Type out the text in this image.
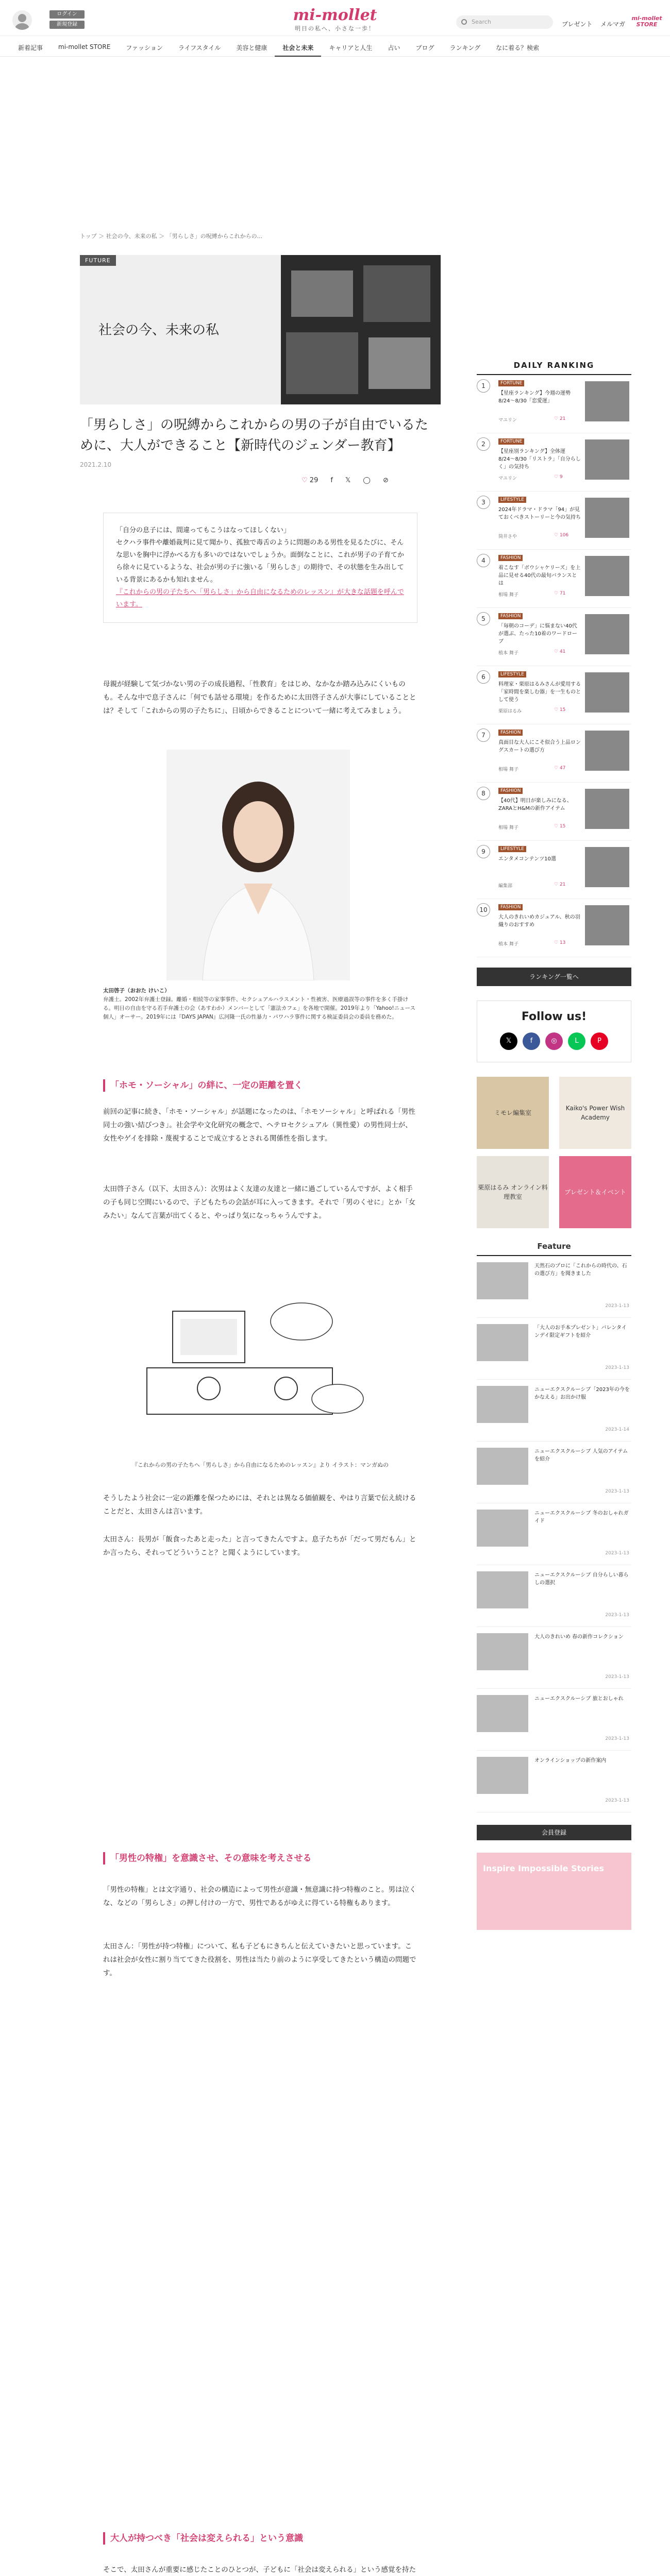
ログイン
新規登録
mi-mollet
明日の私へ、小さな一歩！
Search	プレゼント メルマガ
mi-mollet STORE
新着記事	mi-mollet STORE	ファッション	ライフスタイル	美容と健康	社会と未来	キャリアと人生	占い	ブログ	ランキング	なに着る？検索
トップ ＞ 社会の今、未来の私 ＞ 「男らしさ」の呪縛からこれからの...
FUTURE
社会の今、未来の私
「男らしさ」の呪縛からこれからの男の子が自由でいるために、大人ができること【新時代のジェンダー教育】
2021.2.10
♡ 29 f 𝕏 ◯ ⊘

「自分の息子には、間違ってもこうはなってほしくない」

セクハラ事件や離婚裁判に見て聞かり、孤独で毒舌のように問題のある男性を見るたびに、そんな思いを胸中に浮かべる方も多いのではないでしょうか。面倒なことに、これが男子の子育てから徐々に見ているような、社会が男の子に強いる「男らしさ」の期待で、その状態を生み出している背景にあるかも知れません。

『これからの男の子たちへ「男らしさ」から自由になるためのレッスン』が大きな話題を呼んでいます。

母親が経験して気づかない男の子の成長過程、「性教育」をはじめ、なかなか踏み込みにくいものも。そんな中で息子さんに「何でも話せる環境」を作るために太田啓子さんが大事にしていることとは？そして「これからの男の子たちに」、日頃からできることについて一緒に考えてみましょう。

太田啓子（おおた けいこ）
弁護士。2002年弁護士登録。離婚・相続等の家事事件、セクシュアルハラスメント・性被害、医療過誤等の事件を多く手掛ける。明日の自由を守る若手弁護士の会（あすわか）メンバーとして「憲法カフェ」を各地で開催。2019年より「Yahoo!ニュース 個人」オーサー。2019年には『DAYS JAPAN』広河隆一氏の性暴力・パワハラ事件に関する検証委員会の委員を務めた。
「ホモ・ソーシャル」の絆に、一定の距離を置く

前回の記事に続き、「ホモ・ソーシャル」が話題になったのは、「ホモソーシャル」と呼ばれる「男性同士の強い結びつき」。社会学や文化研究の概念で、ヘテロセクシュアル（異性愛）の男性同士が、女性やゲイを排除・蔑視することで成立するとされる関係性を指します。

太田啓子さん（以下、太田さん）：次男はよく友達の友達と一緒に過ごしているんですが、よく相手の子も同じ空間にいるので、子どもたちの会話が耳に入ってきます。それで「男のくせに」とか「女みたい」なんて言葉が出てくると、やっぱり気になっちゃうんですよ。

『これからの男の子たちへ「男らしさ」から自由になるためのレッスン』より イラスト：マンガぬの

そうしたよう社会に一定の距離を保つためには、それとは異なる価値観を、やはり言葉で伝え続けることだと、太田さんは言います。

太田さん：長男が「飯食ったあと走った」と言ってきたんですよ。息子たちが「だって男だもん」とか言ったら、それってどういうこと？と聞くようにしています。

「男性の特権」を意識させ、その意味を考えさせる

「男性の特権」とは文字通り、社会の構造によって男性が意識・無意識に持つ特権のこと。男は泣くな、などの「男らしさ」の押し付けの一方で、男性であるがゆえに得ている特権もあります。

太田さん：「男性が持つ特権」について、私も子どもにきちんと伝えていきたいと思っています。これは社会が女性に割り当ててきた役割を、男性は当たり前のように享受してきたという構造の問題です。

大人が持つべき「社会は変えられる」という意識

そこで、太田さんが重要に感じたことのひとつが、子どもに「社会は変えられる」という感覚を持た

DAILY RANKING
1	FORTUNE
【星座ランキング】今週の運勢 8/24〜8/30「恋愛運」
マユリン	♡ 21
2	FORTUNE
【星座別ランキング】全体運 8/24〜8/30「リストラ」「自分らしく」の気持ち
マユリン	♡ 9
3	LIFESTYLE
2024年ドラマ・ドラマ「94」が見ておくべきストーリーと今の気持ち
筒井さや	♡ 106
4	FASHION
着こなす「ボウシャケリーズ」を上品に見せる40代の最旬バランスとは
相場 舞子	♡ 71
5	FASHION
「毎朝のコーデ」に悩まない40代が選ぶ、たった10着のワードローブ
植本 舞子	♡ 41
6	LIFESTYLE
料理家・栗原はるみさんが愛用する「家時間を楽しむ器」を一生ものとして使う
栗原はるみ	♡ 15
7	FASHION
真面目な大人にこそ似合う上品ロングスカートの選び方
相場 舞子	♡ 47
8	FASHION
【40代】明日が楽しみになる、ZARAとH&Mの新作アイテム
相場 舞子	♡ 15
9	LIFESTYLE
エンタメコンテンツ10選
編集部	♡ 21
10	FASHION
大人のきれいめカジュアル、秋の羽織りのおすすめ
植本 舞子	♡ 13
ランキング一覧へ
Follow us!
𝕏	f	◎	L	P
ミモレ編集室
Kaiko's Power Wish Academy
栗原はるみ オンライン料理教室
プレゼント＆イベント
Feature
天然石のプロに「これからの時代の、石の選び方」を聞きました
2023-1-13
「大人のお手本プレゼント」バレンタインデイ限定ギフトを紹介
2023-1-13
ニューエクスクルーシブ「2023年の今をかなえる」お出かけ服
2023-1-14
ニューエクスクルーシブ 人気のアイテムを紹介
2023-1-13
ニューエクスクルーシブ 冬のおしゃれガイド
2023-1-13
ニューエクスクルーシブ 自分らしい暮らしの選択
2023-1-13
大人のきれいめ 春の新作コレクション
2023-1-13
ニューエクスクルーシブ 旅とおしゃれ
2023-1-13
オンラインショップの新作案内
2023-1-13
会員登録
Inspire Impossible Stories
